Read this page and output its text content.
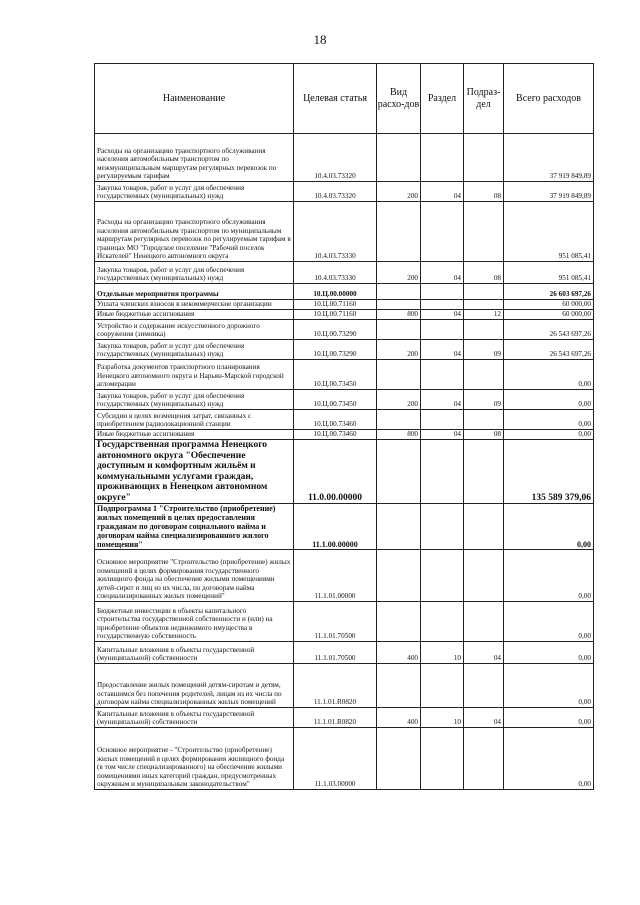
18
Наименование	Целевая статья	Вид расхо-дов	Раздел	Подраз-дел	Всего расходов
Расходы на организацию транспортного обслуживания населения автомобильным транспортом по межмуниципальным маршрутам регулярных перевозок по регулируемым тарифам	10.4.03.73320				37 919 849,89
Закупка товаров, работ и услуг для обеспечения государственных (муниципальных) нужд	10.4.03.73320	200	04	08	37 919 849,89
Расходы на организацию транспортного обслуживания населения автомобильным транспортом по муниципальным маршрутам регулярных перевозок по регулируемым тарифам в границах МО "Городское поселение "Рабочий поселок Искателей" Ненецкого автономного округа	10.4.03.73330				951 085,41
Закупка товаров, работ и услуг для обеспечения государственных (муниципальных) нужд	10.4.03.73330	200	04	08	951 085,41
Отдельные мероприятия программы	10.Ц.00.00000				26 603 697,26
Уплата членских взносов в некоммерческие организации	10.Ц.00.71160				60 000,00
Иные бюджетные ассигнования	10.Ц.00.71160	800	04	12	60 000,00
Устройство и содержание искусственного дорожного сооружения (зимника)	10.Ц.00.73290				26 543 697,26
Закупка товаров, работ и услуг для обеспечения государственных (муниципальных) нужд	10.Ц.00.73290	200	04	09	26 543 697,26
Разработка документов транспортного планирования Ненецкого автономного округа и Нарьян-Марской городской агломерации	10.Ц.00.73450				0,00
Закупка товаров, работ и услуг для обеспечения государственных (муниципальных) нужд	10.Ц.00.73450	200	04	09	0,00
Субсидии в целях возмещения затрат, связанных с приобретением радиолокационной станции	10.Ц.00.73460				0,00
Иные бюджетные ассигнования	10.Ц.00.73460	800	04	08	0,00
Государственная программа Ненецкого автономного округа "Обеспечение доступным и комфортным жильём и коммунальными услугами граждан, проживающих в Ненецком автономном округе"	11.0.00.00000				135 589 379,06
Подпрограмма 1 "Строительство (приобретение) жилых помещений в целях предоставления гражданам по договорам социального найма и договорам найма специализированного жилого помещения"	11.1.00.00000				0,00
Основное мероприятие "Строительство (приобретение) жилых помещений в целях формирования государственного жилищного фонда на обеспечение жилыми помещениями детей-сирот и лиц из их числа, по договорам найма специализированных жилых помещений"	11.1.01.00000				0,00
Бюджетные инвестиции в объекты капитального строительства государственной собственности и (или) на приобретение объектов недвижимого имущества в государственную собственность	11.1.01.70500				0,00
Капитальные вложения в объекты государственной (муниципальной) собственности	11.1.01.70500	400	10	04	0,00
Предоставление жилых помещений детям-сиротам и детям, оставшимся без попечения родителей, лицам из их числа по договорам найма специализированных жилых помещений	11.1.01.R0820				0,00
Капитальные вложения в объекты государственной (муниципальной) собственности	11.1.01.R0820	400	10	04	0,00
Основное мероприятие - "Строительство (приобретение) жилых помещений в целях формирования жилищного фонда (в том числе специализированного) на обеспечение жилыми помещениями иных категорий граждан, предусмотренных окружным и муниципальным законодательством"	11.1.03.00000				0,00
